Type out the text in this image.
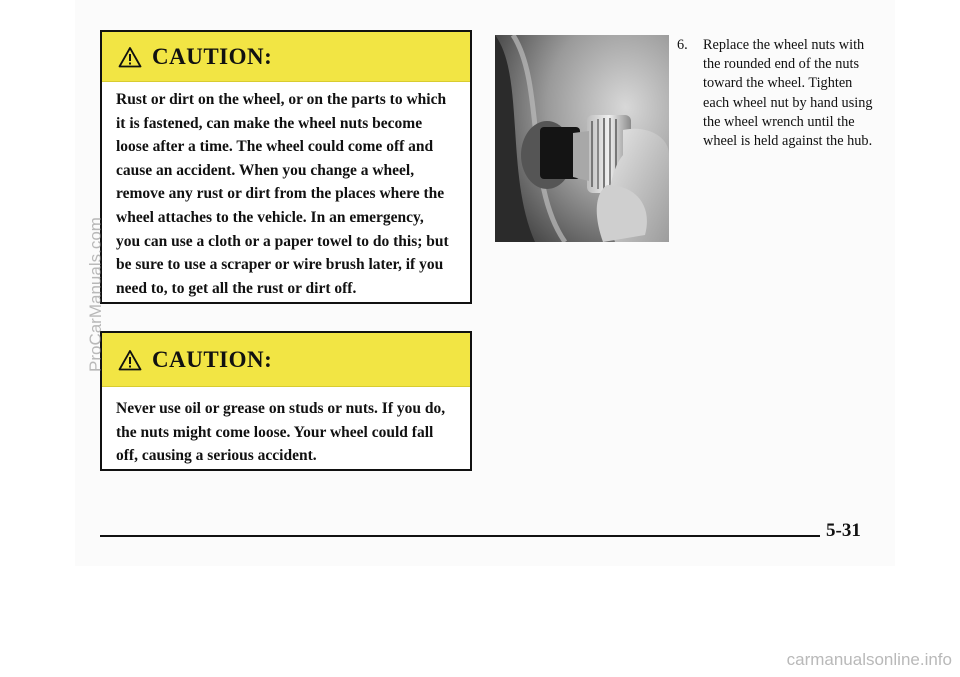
CAUTION:
Rust or dirt on the wheel, or on the parts to which it is fastened, can make the wheel nuts become loose after a time. The wheel could come off and cause an accident. When you change a wheel, remove any rust or dirt from the places where the wheel attaches to the vehicle. In an emergency, you can use a cloth or a paper towel to do this; but be sure to use a scraper or wire brush later, if you need to, to get all the rust or dirt off.
CAUTION:
Never use oil or grease on studs or nuts. If you do, the nuts might come loose. Your wheel could fall off, causing a serious accident.
6.	Replace the wheel nuts with the rounded end of the nuts toward the wheel. Tighten each wheel nut by hand using the wheel wrench until the wheel is held against the hub.
5-31
ProCarManuals.com
carmanualsonline.info
